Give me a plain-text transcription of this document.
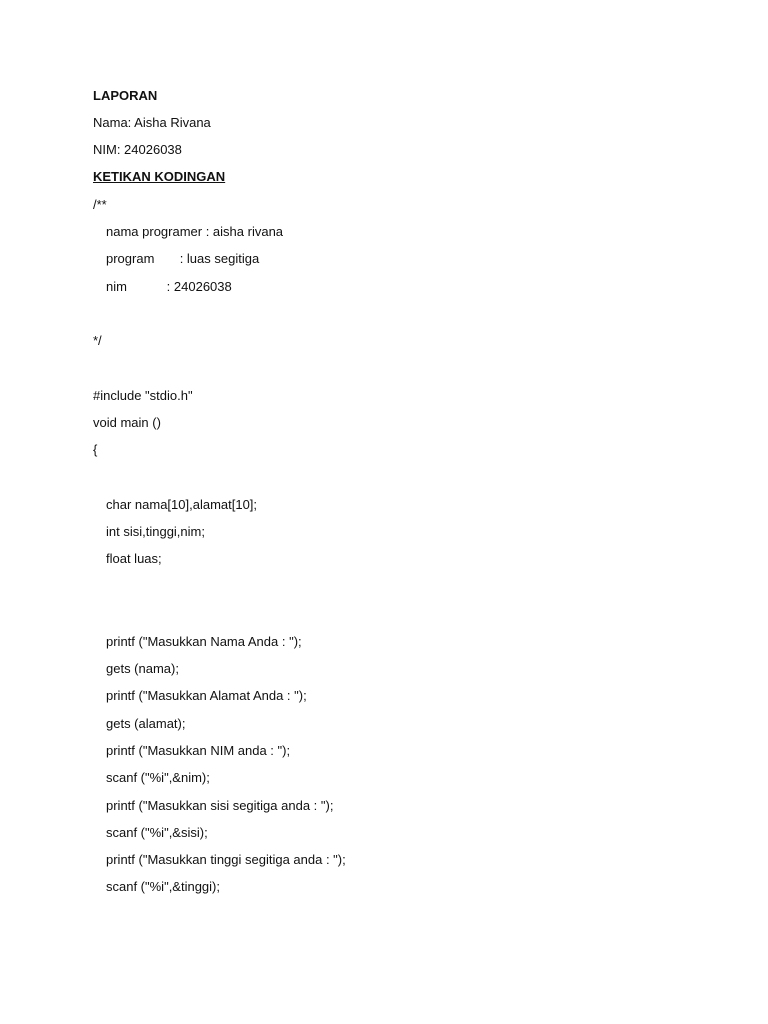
LAPORAN
Nama: Aisha Rivana
NIM: 24026038
KETIKAN KODINGAN
/**
nama programer : aisha rivana
program       : luas segitiga
nim           : 24026038
*/
#include "stdio.h"
void main ()
{
char nama[10],alamat[10];
int sisi,tinggi,nim;
float luas;
printf ("Masukkan Nama Anda : ");
gets (nama);
printf ("Masukkan Alamat Anda : ");
gets (alamat);
printf ("Masukkan NIM anda : ");
scanf ("%i",&nim);
printf ("Masukkan sisi segitiga anda : ");
scanf ("%i",&sisi);
printf ("Masukkan tinggi segitiga anda : ");
scanf ("%i",&tinggi);
